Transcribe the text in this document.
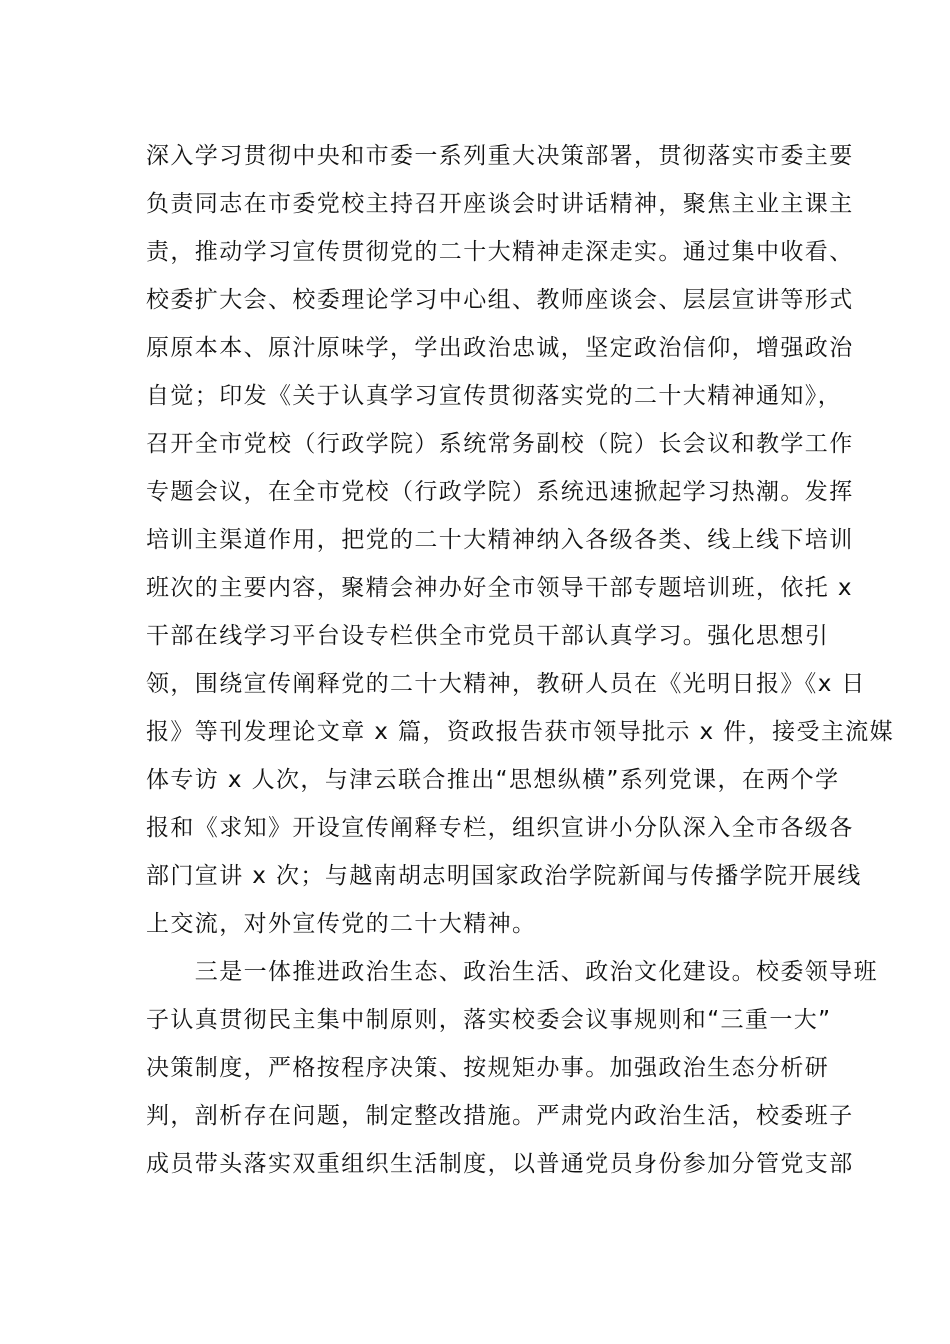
深入学习贯彻中央和市委一系列重大决策部署，贯彻落实市委主要
负责同志在市委党校主持召开座谈会时讲话精神，聚焦主业主课主
责，推动学习宣传贯彻党的二十大精神走深走实。通过集中收看、
校委扩大会、校委理论学习中心组、教师座谈会、层层宣讲等形式
原原本本、原汁原味学，学出政治忠诚，坚定政治信仰，增强政治
自觉；印发《关于认真学习宣传贯彻落实党的二十大精神通知》，
召开全市党校（行政学院）系统常务副校（院）长会议和教学工作
专题会议，在全市党校（行政学院）系统迅速掀起学习热潮。发挥
培训主渠道作用，把党的二十大精神纳入各级各类、线上线下培训
班次的主要内容，聚精会神办好全市领导干部专题培训班，依托 x
干部在线学习平台设专栏供全市党员干部认真学习。强化思想引
领，围绕宣传阐释党的二十大精神，教研人员在《光明日报》《x 日
报》等刊发理论文章 x 篇，资政报告获市领导批示 x 件，接受主流媒
体专访 x 人次，与津云联合推出“思想纵横”系列党课，在两个学
报和《求知》开设宣传阐释专栏，组织宣讲小分队深入全市各级各
部门宣讲 x 次；与越南胡志明国家政治学院新闻与传播学院开展线
上交流，对外宣传党的二十大精神。
　　三是一体推进政治生态、政治生活、政治文化建设。校委领导班
子认真贯彻民主集中制原则，落实校委会议事规则和“三重一大”
决策制度，严格按程序决策、按规矩办事。加强政治生态分析研
判，剖析存在问题，制定整改措施。严肃党内政治生活，校委班子
成员带头落实双重组织生活制度，以普通党员身份参加分管党支部
